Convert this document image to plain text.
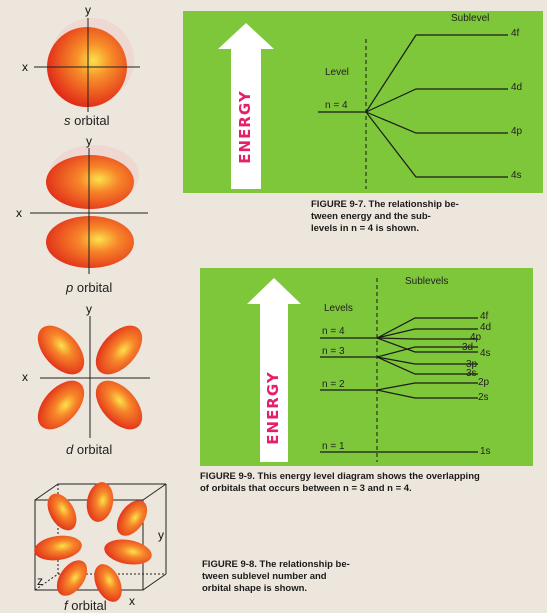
y
x
y
x
y
x
y
z
x
s orbital
p orbital
d orbital
f orbital
Level
Sublevel
n = 4
4f
4d
4p
4s
ENERGY
FIGURE 9-7. The relationship be-
tween energy and the sub-
levels in n = 4 is shown.
Levels
Sublevels
n = 4
n = 3
n = 2
n = 1
4f
4d
4p
3d
4s
3p
3s
2p
2s
1s
ENERGY
FIGURE 9-9. This energy level diagram shows the overlapping
of orbitals that occurs between n = 3 and n = 4.
FIGURE 9-8. The relationship be-
tween sublevel number and
orbital shape is shown.
